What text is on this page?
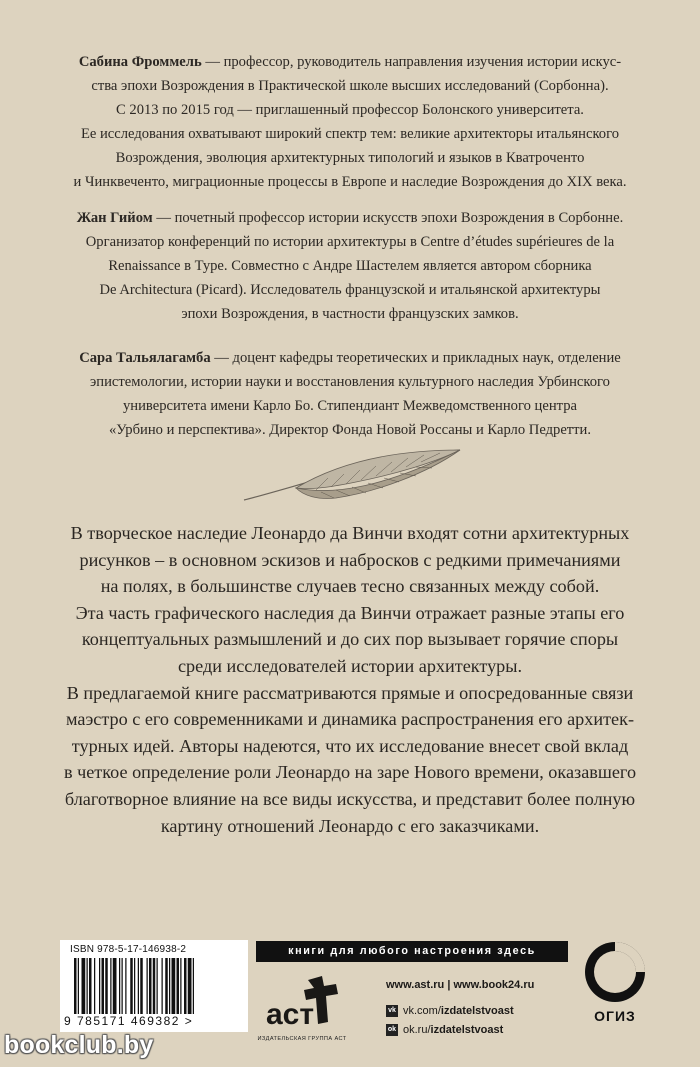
Сабина Фроммель — профессор, руководитель направления изучения истории искус-

ства эпохи Возрождения в Практической школе высших исследований (Сорбонна).

С 2013 по 2015 год — приглашенный профессор Болонского университета.

Ее исследования охватывают широкий спектр тем: великие архитекторы итальянского

Возрождения, эволюция архитектурных типологий и языков в Кватроченто

и Чинквеченто, миграционные процессы в Европе и наследие Возрождения до XIX века.

Жан Гийом — почетный профессор истории искусств эпохи Возрождения в Сорбонне.

Организатор конференций по истории архитектуры в Centre d’études supérieures de la

Renaissance в Туре. Совместно с Андре Шастелем является автором сборника

De Architectura (Picard). Исследователь французской и итальянской архитектуры

эпохи Возрождения, в частности французских замков.

Сара Тальялагамба — доцент кафедры теоретических и прикладных наук, отделение

эпистемологии, истории науки и восстановления культурного наследия Урбинского

университета имени Карло Бо. Стипендиант Межведомственного центра

«Урбино и перспектива». Директор Фонда Новой Россаны и Карло Педретти.

В творческое наследие Леонардо да Винчи входят сотни архитектурных

рисунков – в основном эскизов и набросков с редкими примечаниями

на полях, в большинстве случаев тесно связанных между собой.

Эта часть графического наследия да Винчи отражает разные этапы его

концептуальных размышлений и до сих пор вызывает горячие споры

среди исследователей истории архитектуры.

В предлагаемой книге рассматриваются прямые и опосредованные связи

маэстро с его современниками и динамика распространения его архитек-

турных идей. Авторы надеются, что их исследование внесет свой вклад

в четкое определение роли Леонардо на заре Нового времени, оказавшего

благотворное влияние на все виды искусства, и представит более полную

картину отношений Леонардо с его заказчиками.

ISBN 978-5-17-146938-2
9 785171 469382 >
книги для любого настроения здесь
аст
ИЗДАТЕЛЬСКАЯ ГРУППА АСТ
www.ast.ru | www.book24.ru
vk vk.com/ izdatelstvoast
ok ok.ru/ izdatelstvoast
ОГИЗ
bookclub.by
